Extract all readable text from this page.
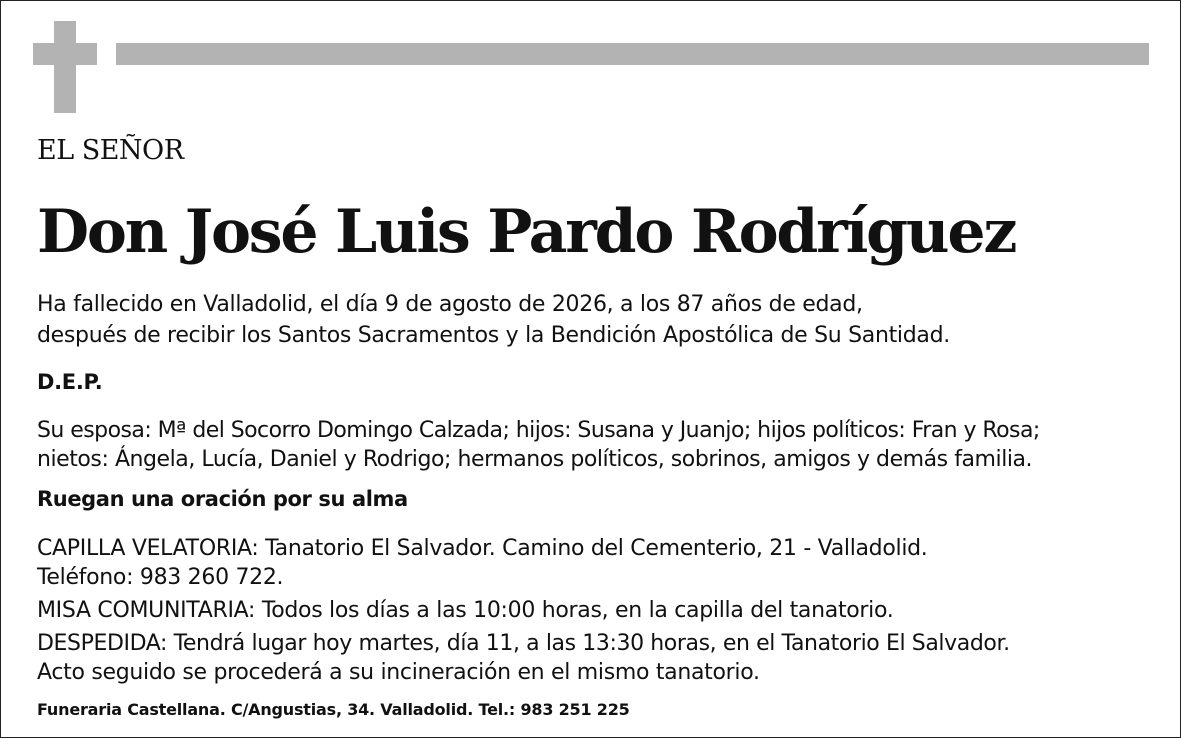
EL SEÑOR

Don José Luis Pardo Rodríguez

Ha fallecido en Valladolid, el día 9 de agosto de 2026, a los 87 años de edad,

después de recibir los Santos Sacramentos y la Bendición Apostólica de Su Santidad.

D.E.P.

Su esposa: Mª del Socorro Domingo Calzada; hijos: Susana y Juanjo; hijos políticos: Fran y Rosa;

nietos: Ángela, Lucía, Daniel y Rodrigo; hermanos políticos, sobrinos, amigos y demás familia.

Ruegan una oración por su alma

CAPILLA VELATORIA: Tanatorio El Salvador. Camino del Cementerio, 21 - Valladolid.

Teléfono: 983 260 722.

MISA COMUNITARIA: Todos los días a las 10:00 horas, en la capilla del tanatorio.

DESPEDIDA: Tendrá lugar hoy martes, día 11, a las 13:30 horas, en el Tanatorio El Salvador.

Acto seguido se procederá a su incineración en el mismo tanatorio.

Funeraria Castellana. C/Angustias, 34. Valladolid. Tel.: 983 251 225
